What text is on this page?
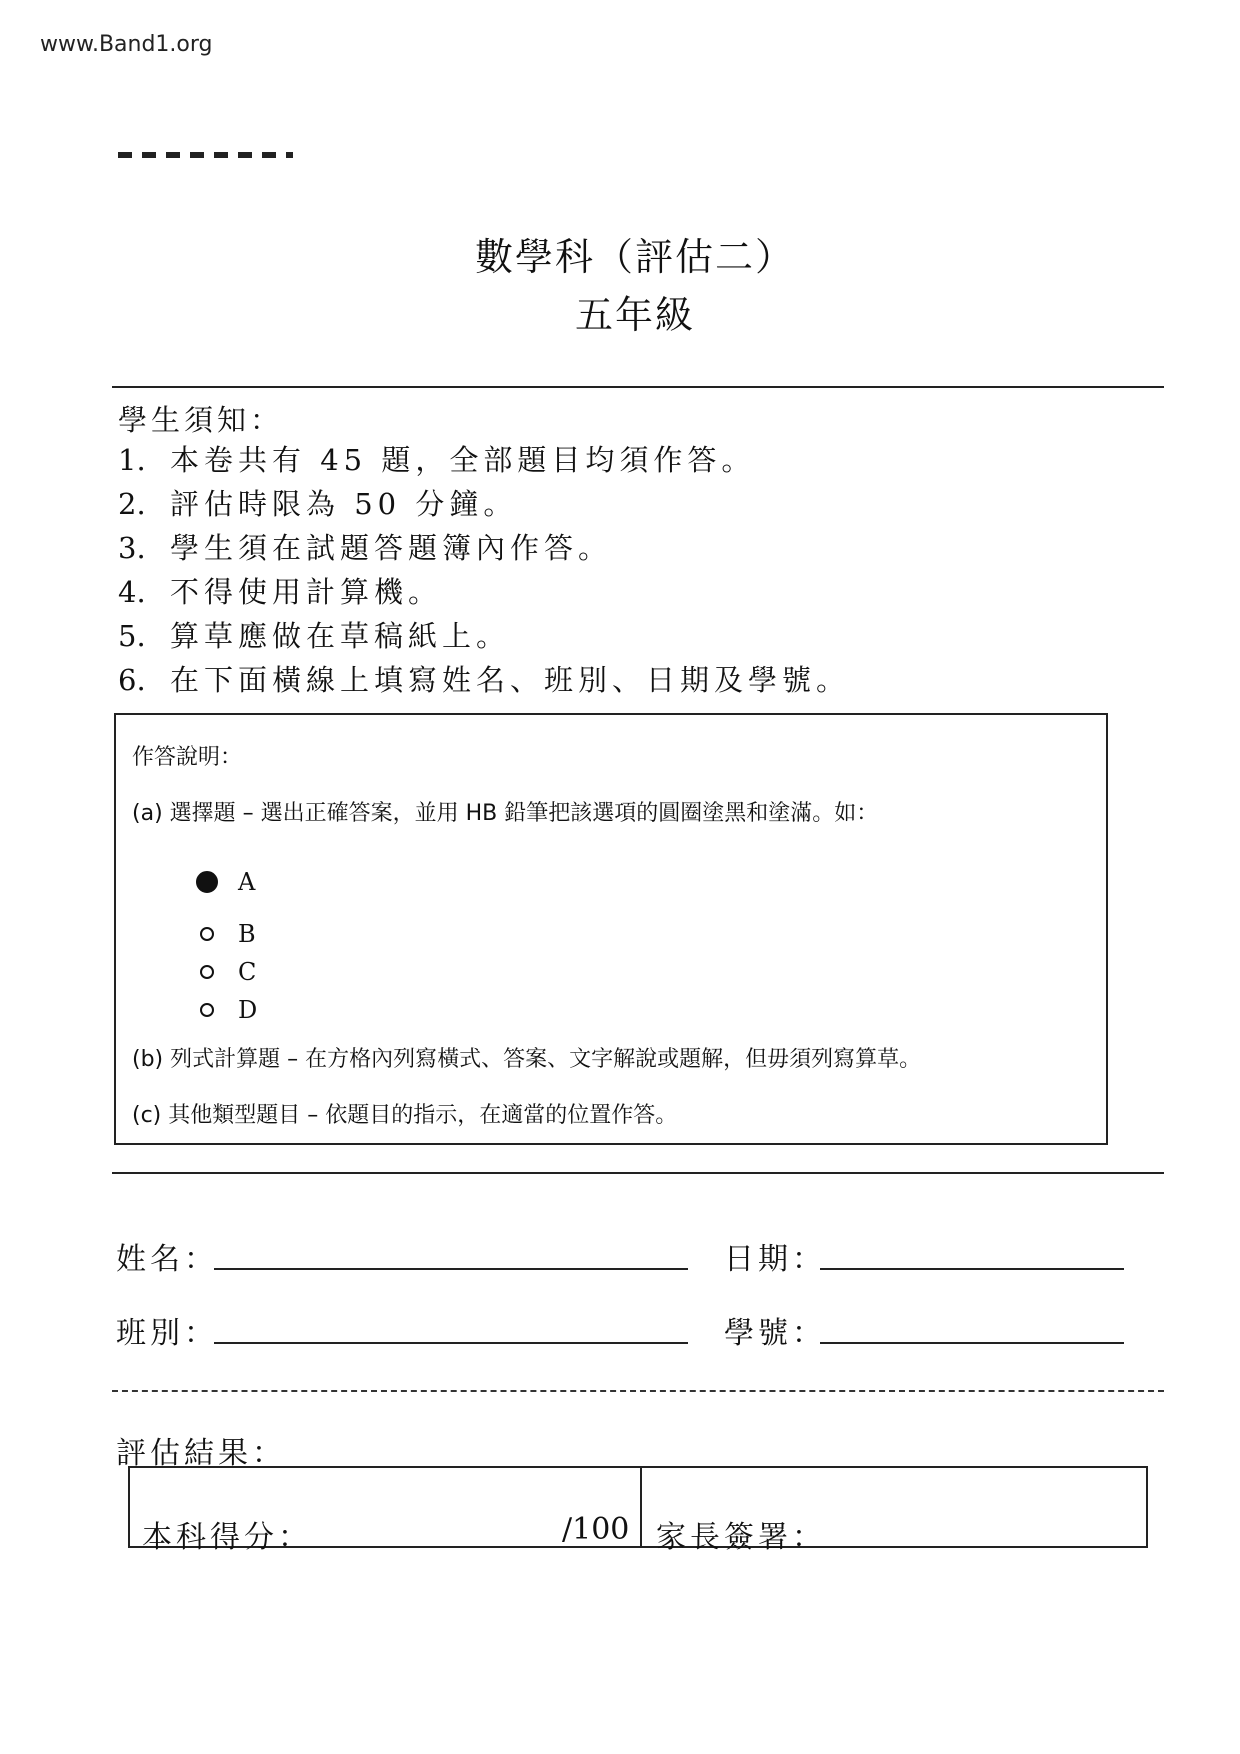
www.Band1.org
數學科（評估二）
五年級
學生須知：
1. 本卷共有 45 題，全部題目均須作答。
2. 評估時限為 50 分鐘。
3. 學生須在試題答題簿內作答。
4. 不得使用計算機。
5. 算草應做在草稿紙上。
6. 在下面橫線上填寫姓名、班別、日期及學號。
作答說明：
(a) 選擇題 – 選出正確答案，並用 HB 鉛筆把該選項的圓圈塗黑和塗滿。如：
A
B
C
D
(b) 列式計算題 – 在方格內列寫橫式、答案、文字解說或題解，但毋須列寫算草。
(c) 其他類型題目 – 依題目的指示，在適當的位置作答。
姓名：	日期：
班別：	學號：
評估結果：
本科得分：	/100 家長簽署：
